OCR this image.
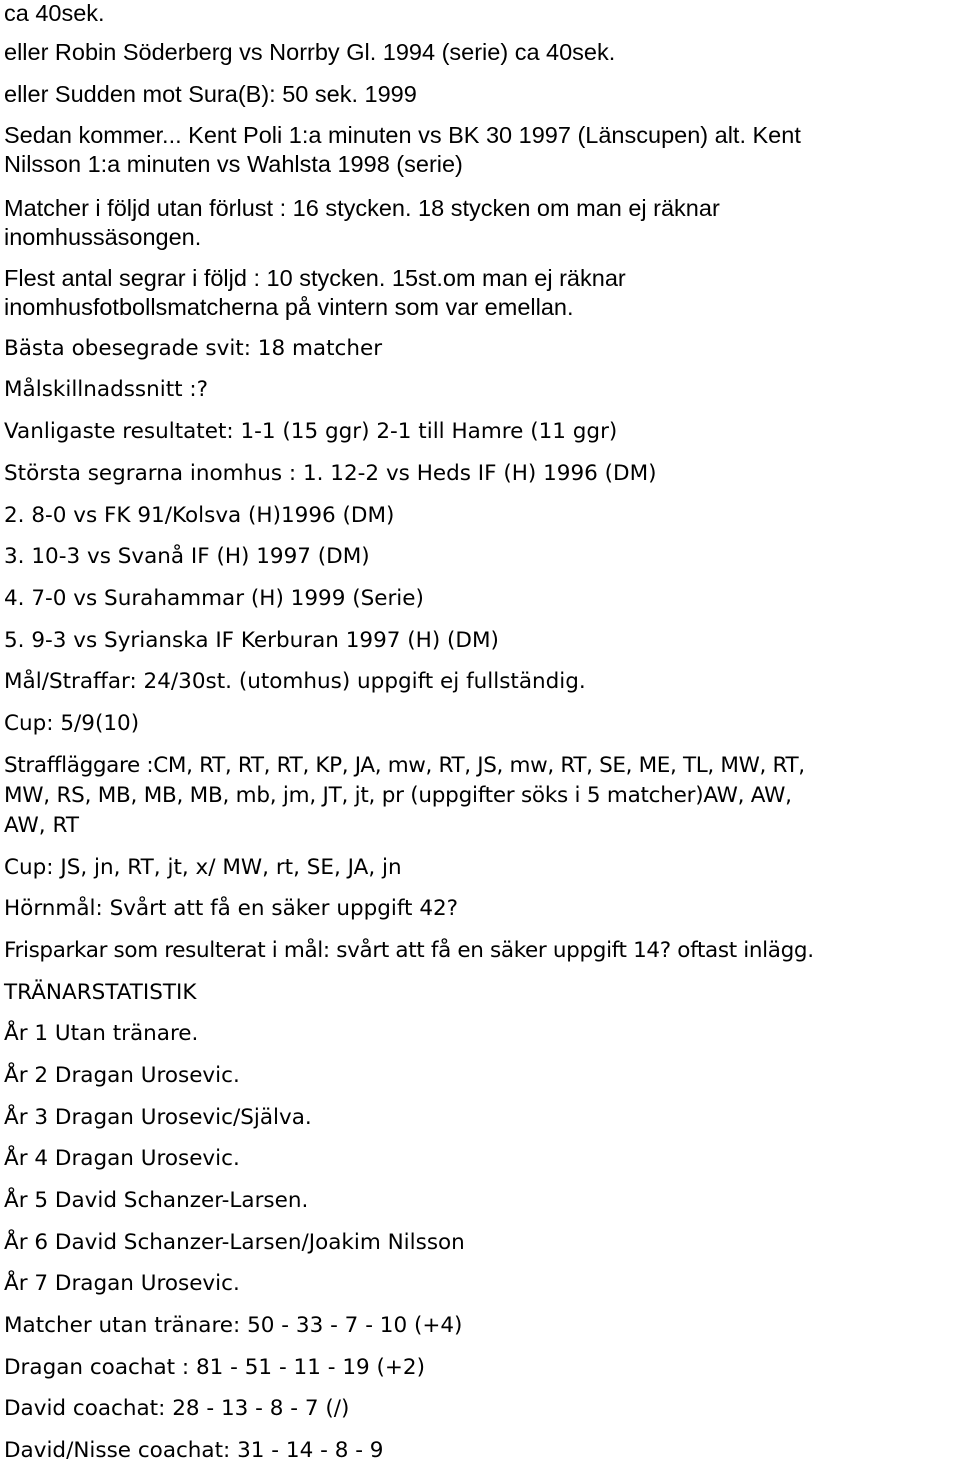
ca 40sek.
eller Robin Söderberg vs Norrby Gl. 1994 (serie) ca 40sek.
eller Sudden mot Sura(B): 50 sek. 1999
Sedan kommer... Kent Poli 1:a minuten vs BK 30 1997 (Länscupen) alt. Kent
Nilsson 1:a minuten vs Wahlsta 1998 (serie)
Matcher i följd utan förlust : 16 stycken. 18 stycken om man ej räknar
inomhussäsongen.
Flest antal segrar i följd : 10 stycken. 15st.om man ej räknar
inomhusfotbollsmatcherna på vintern som var emellan.
Bästa obesegrade svit: 18 matcher
Målskillnadssnitt :?
Vanligaste resultatet: 1-1 (15 ggr) 2-1 till Hamre (11 ggr)
Största segrarna inomhus : 1. 12-2 vs Heds IF (H) 1996 (DM)
2. 8-0 vs FK 91/Kolsva (H)1996 (DM)
3. 10-3 vs Svanå IF (H) 1997 (DM)
4. 7-0 vs Surahammar (H) 1999 (Serie)
5. 9-3 vs Syrianska IF Kerburan 1997 (H) (DM)
Mål/Straffar: 24/30st. (utomhus) uppgift ej fullständig.
Cup: 5/9(10)
Straffläggare :CM, RT, RT, RT, KP, JA, mw, RT, JS, mw, RT, SE, ME, TL, MW, RT,
MW, RS, MB, MB, MB, mb, jm, JT, jt, pr (uppgifter söks i 5 matcher)AW, AW,
AW, RT
Cup: JS, jn, RT, jt, x/ MW, rt, SE, JA, jn
Hörnmål: Svårt att få en säker uppgift 42?
Frisparkar som resulterat i mål: svårt att få en säker uppgift 14? oftast inlägg.
TRÄNARSTATISTIK
År 1 Utan tränare.
År 2 Dragan Urosevic.
År 3 Dragan Urosevic/Själva.
År 4 Dragan Urosevic.
År 5 David Schanzer-Larsen.
År 6 David Schanzer-Larsen/Joakim Nilsson
År 7 Dragan Urosevic.
Matcher utan tränare: 50 - 33 - 7 - 10 (+4)
Dragan coachat : 81 - 51 - 11 - 19 (+2)
David coachat: 28 - 13 - 8 - 7 (/)
David/Nisse coachat: 31 - 14 - 8 - 9
